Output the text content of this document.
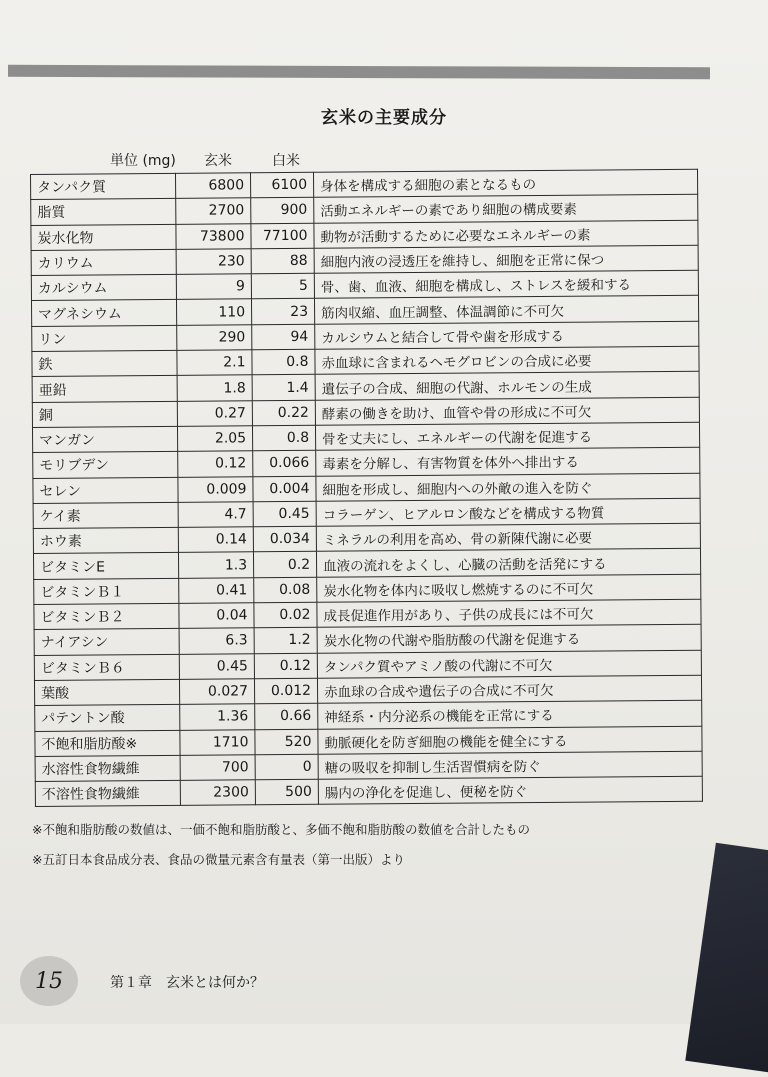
玄米の主要成分
単位 (mg) 玄米	白米
タンパク質	6800	6100	身体を構成する細胞の素となるもの
脂質	2700	900	活動エネルギーの素であり細胞の構成要素
炭水化物	73800	77100	動物が活動するために必要なエネルギーの素
カリウム	230	88	細胞内液の浸透圧を維持し、細胞を正常に保つ
カルシウム	9	5	骨、歯、血液、細胞を構成し、ストレスを緩和する
マグネシウム	110	23	筋肉収縮、血圧調整、体温調節に不可欠
リン	290	94	カルシウムと結合して骨や歯を形成する
鉄	2.1	0.8	赤血球に含まれるヘモグロビンの合成に必要
亜鉛	1.8	1.4	遺伝子の合成、細胞の代謝、ホルモンの生成
銅	0.27	0.22	酵素の働きを助け、血管や骨の形成に不可欠
マンガン	2.05	0.8	骨を丈夫にし、エネルギーの代謝を促進する
モリブデン	0.12	0.066	毒素を分解し、有害物質を体外へ排出する
セレン	0.009	0.004	細胞を形成し、細胞内への外敵の進入を防ぐ
ケイ素	4.7	0.45	コラーゲン、ヒアルロン酸などを構成する物質
ホウ素	0.14	0.034	ミネラルの利用を高め、骨の新陳代謝に必要
ビタミンE	1.3	0.2	血液の流れをよくし、心臓の活動を活発にする
ビタミンＢ１	0.41	0.08	炭水化物を体内に吸収し燃焼するのに不可欠
ビタミンＢ２	0.04	0.02	成長促進作用があり、子供の成長には不可欠
ナイアシン	6.3	1.2	炭水化物の代謝や脂肪酸の代謝を促進する
ビタミンＢ６	0.45	0.12	タンパク質やアミノ酸の代謝に不可欠
葉酸	0.027	0.012	赤血球の合成や遺伝子の合成に不可欠
パテントン酸	1.36	0.66	神経系・内分泌系の機能を正常にする
不飽和脂肪酸※	1710	520	動脈硬化を防ぎ細胞の機能を健全にする
水溶性食物繊維	700	0	糖の吸収を抑制し生活習慣病を防ぐ
不溶性食物繊維	2300	500	腸内の浄化を促進し、便秘を防ぐ
※不飽和脂肪酸の数値は、一価不飽和脂肪酸と、多価不飽和脂肪酸の数値を合計したもの
※五訂日本食品成分表、食品の微量元素含有量表（第一出版）より
15	第１章　玄米とは何か？
